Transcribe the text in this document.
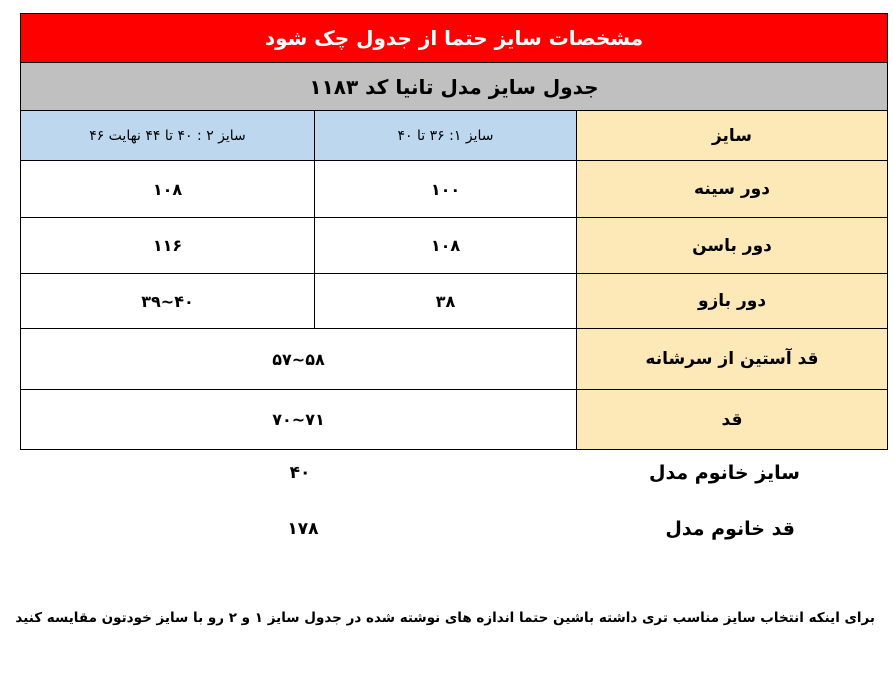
مشخصات سایز حتما از جدول چک شود
جدول سایز مدل تانیا کد ۱۱۸۳
سایز
سایز ۱: ۳۶ تا ۴۰
سایز ۲ : ۴۰ تا ۴۴ نهایت ۴۶
دور سینه
۱۰۰
۱۰۸
دور باسن
۱۰۸
۱۱۶
دور بازو
۳۸
۳۹~۴۰
قد آستین از سرشانه
۵۷~۵۸
قد
۷۰~۷۱
سایز خانوم مدل
۴۰
قد خانوم مدل
۱۷۸
برای اینکه انتخاب سایز مناسب تری داشته باشین حتما اندازه های نوشته شده در جدول سایز ۱ و ۲ رو با سایز خودتون مقایسه کنید
